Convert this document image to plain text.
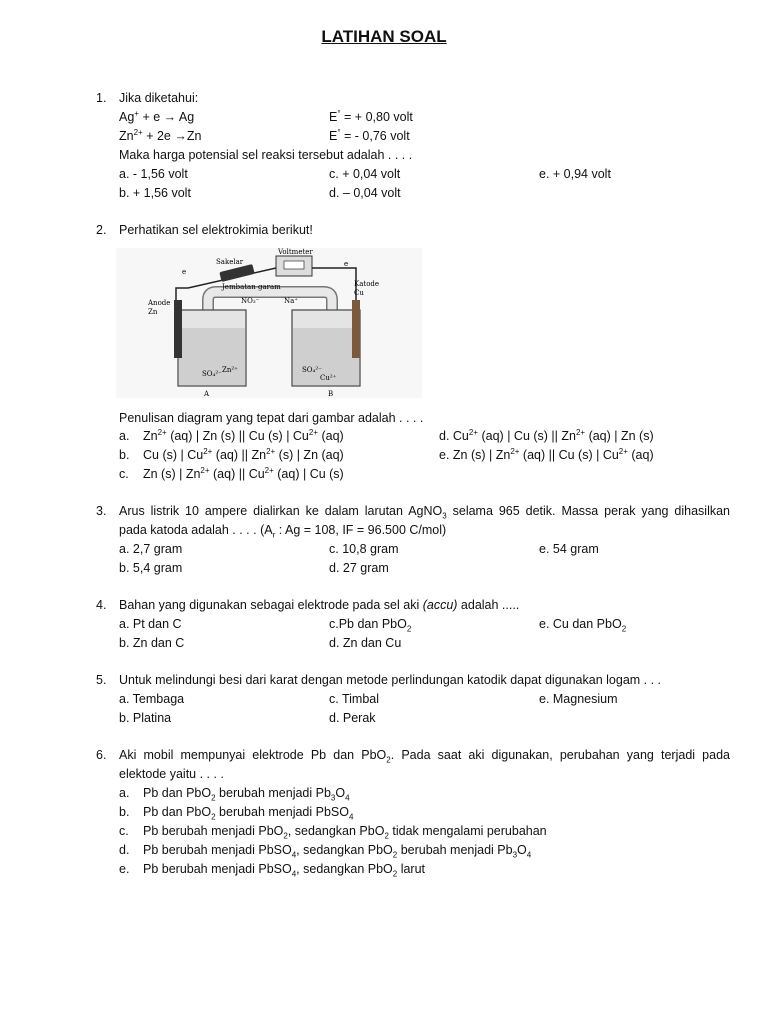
LATIHAN SOAL
1. Jika diketahui:
Ag+ + e → Ag	E° = + 0,80 volt
$Zn^{2+} + 2e \to Zn$	E° = - 0,76 volt
Maka harga potensial sel reaksi tersebut adalah . . . .
a. - 1,56 volt	c. + 0,04 volt	e. + 0,94 volt
b. + 1,56 volt	d. – 0,04 volt
2. Perhatikan sel elektrokimia berikut!
Voltmeter
Sakelar
e
e
Jembatan garam
NO₃⁻	Na⁺
Anode
Zn
SO₄²⁻ Zn²⁺
A
Katode
Cu
SO₄²⁻
Cu²⁺
B
Penulisan diagram yang tepat dari gambar adalah . . . .
a. $Zn^{2+}$ (aq) | Zn (s) || Cu (s) | $Cu^{2+}$ (aq)	d. $Cu^{2+}$ (aq) | Cu (s) || $Zn^{2+}$ (aq) | Zn (s)
b. Cu (s) | $Cu^{2+}$ (aq) || $Zn^{2+}$ (s) | Zn (aq)	e. Zn (s) | $Zn^{2+}$ (aq) || Cu (s) | $Cu^{2+}$ (aq)
c. Zn (s) | $Zn^{2+}$ (aq) || $Cu^{2+}$ (aq) | Cu (s)
3. Arus listrik 10 ampere dialirkan ke dalam larutan AgNO$_3$ selama 965 detik. Massa perak yang dihasilkan
pada katoda adalah . . . . ($A_r$ : Ag = 108, IF = 96.500 C/mol)
a. 2,7 gram	c. 10,8 gram	e. 54 gram
b. 5,4 gram	d. 27 gram
4. Bahan yang digunakan sebagai elektrode pada sel aki (accu) adalah .....
a. Pt dan C	c.Pb dan PbO$_2$	e. Cu dan PbO$_2$
b. Zn dan C	d. Zn dan Cu
5. Untuk melindungi besi dari karat dengan metode perlindungan katodik dapat digunakan logam . . .
a. Tembaga	c. Timbal	e. Magnesium
b. Platina	d. Perak
6. Aki mobil mempunyai elektrode Pb dan PbO$_2$. Pada saat aki digunakan, perubahan yang terjadi pada
elektode yaitu . . . .
a. Pb dan PbO$_2$ berubah menjadi $Pb_3O_4$
b. Pb dan PbO$_2$ berubah menjadi PbSO$_4$
c. Pb berubah menjadi PbO$_2$, sedangkan PbO$_2$ tidak mengalami perubahan
d. Pb berubah menjadi PbSO$_4$, sedangkan PbO$_2$ berubah menjadi $Pb_3O_4$
e. Pb berubah menjadi PbSO$_4$, sedangkan PbO$_2$ larut
